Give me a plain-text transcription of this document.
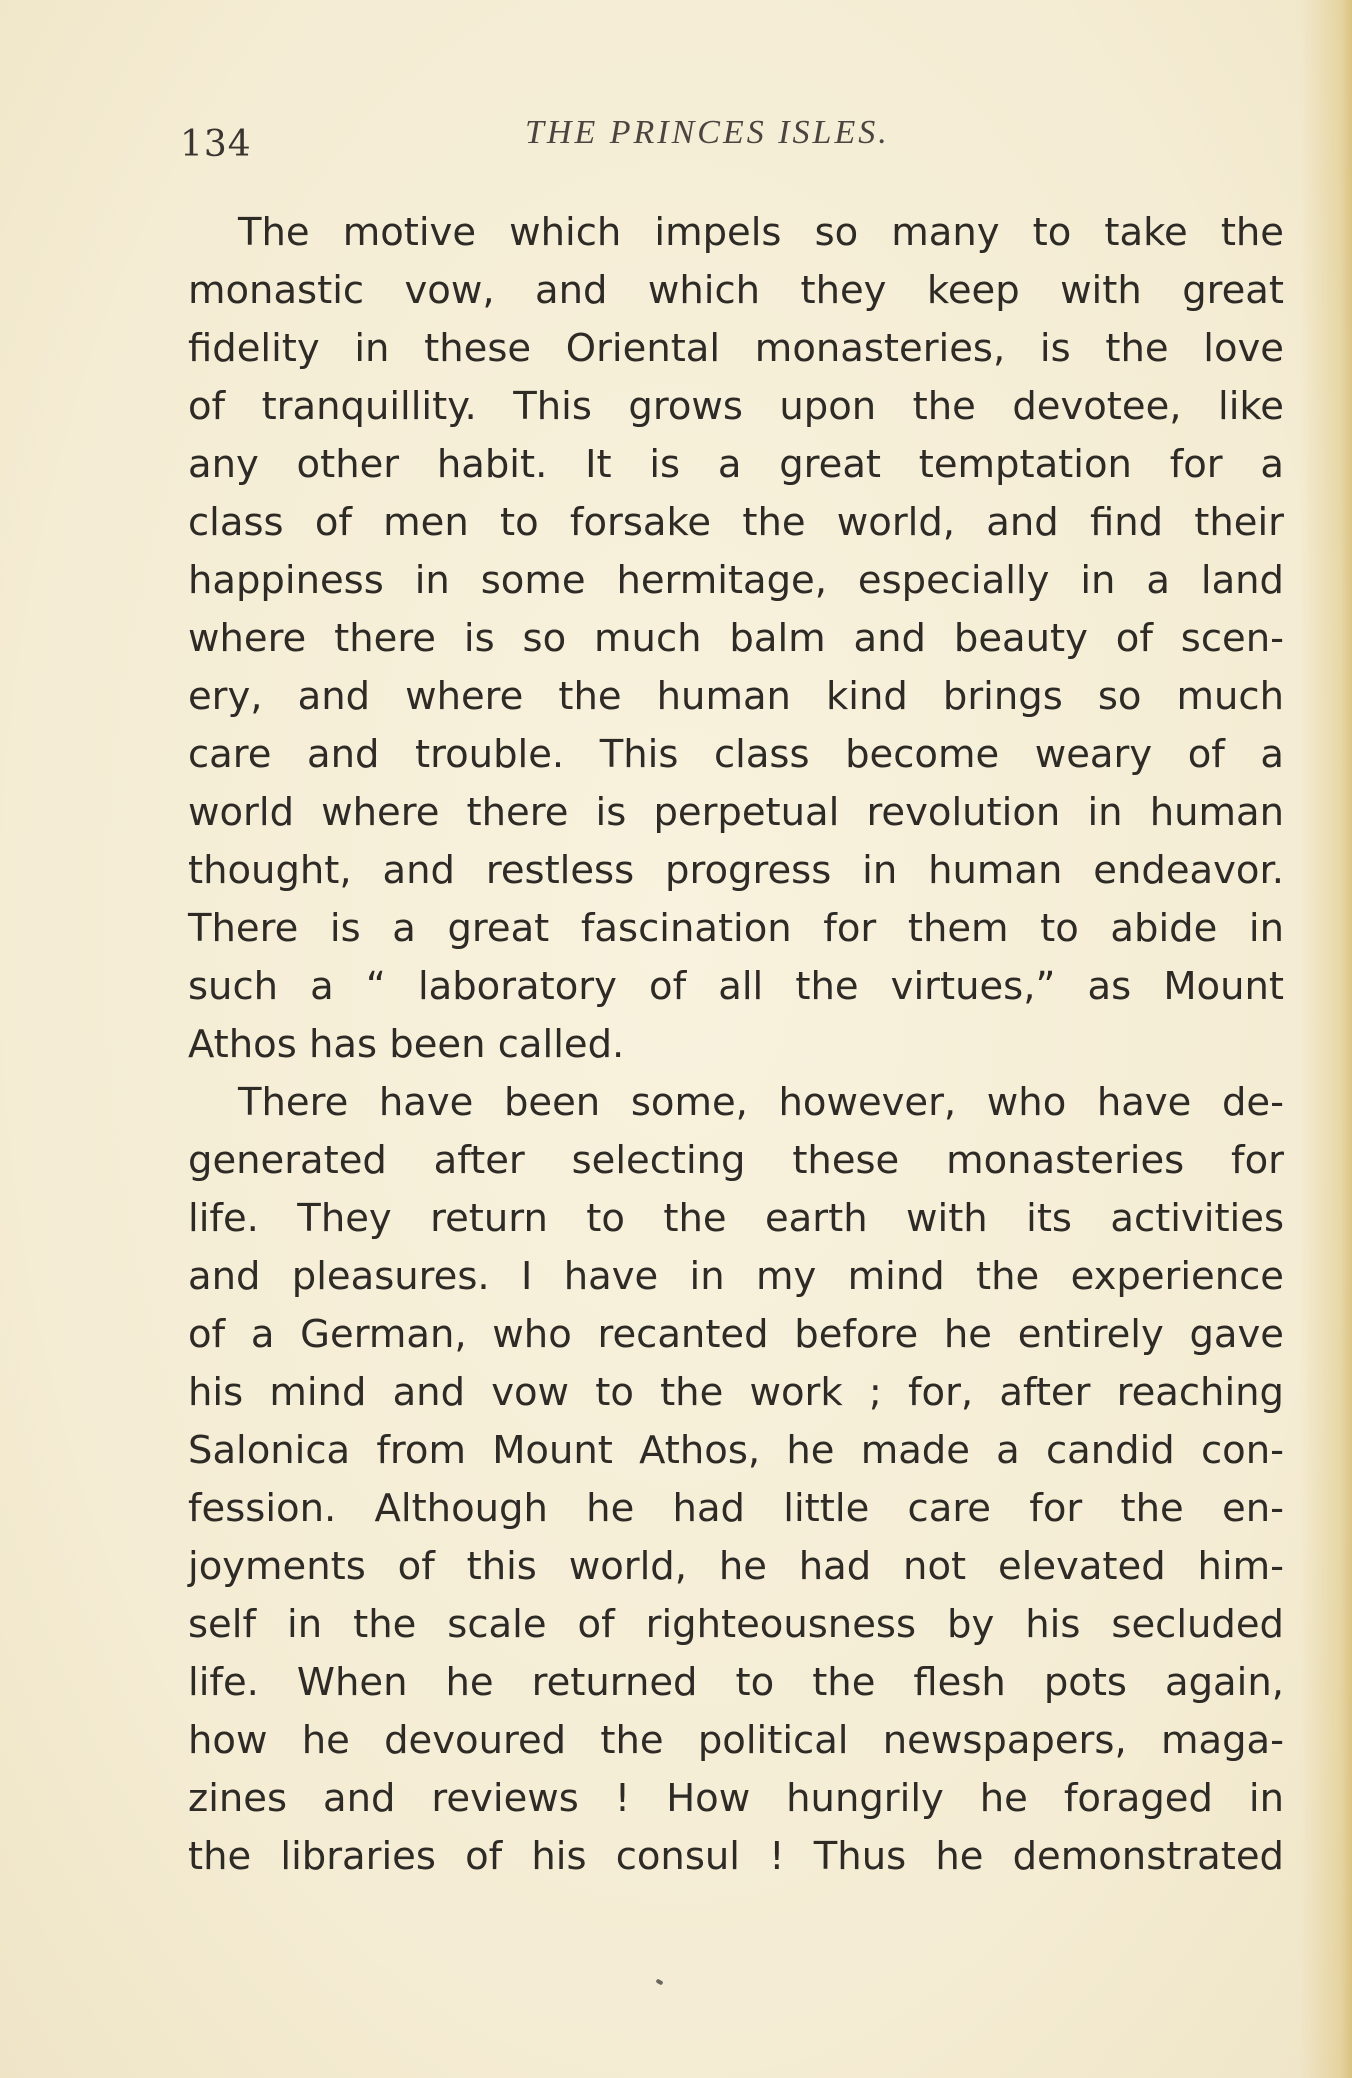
134	THE PRINCES ISLES.
The motive which impels so many to take the
monastic vow, and which they keep with great
fidelity in these Oriental monasteries, is the love
of tranquillity. This grows upon the devotee, like
any other habit. It is a great temptation for a
class of men to forsake the world, and find their
happiness in some hermitage, especially in a land
where there is so much balm and beauty of scen-
ery, and where the human kind brings so much
care and trouble. This class become weary of a
world where there is perpetual revolution in human
thought, and restless progress in human endeavor.
There is a great fascination for them to abide in
such a “ laboratory of all the virtues,” as Mount
Athos has been called.
There have been some, however, who have de-
generated after selecting these monasteries for
life. They return to the earth with its activities
and pleasures. I have in my mind the experience
of a German, who recanted before he entirely gave
his mind and vow to the work ; for, after reaching
Salonica from Mount Athos, he made a candid con-
fession. Although he had little care for the en-
joyments of this world, he had not elevated him-
self in the scale of righteousness by his secluded
life. When he returned to the flesh pots again,
how he devoured the political newspapers, maga-
zines and reviews ! How hungrily he foraged in
the libraries of his consul ! Thus he demonstrated
